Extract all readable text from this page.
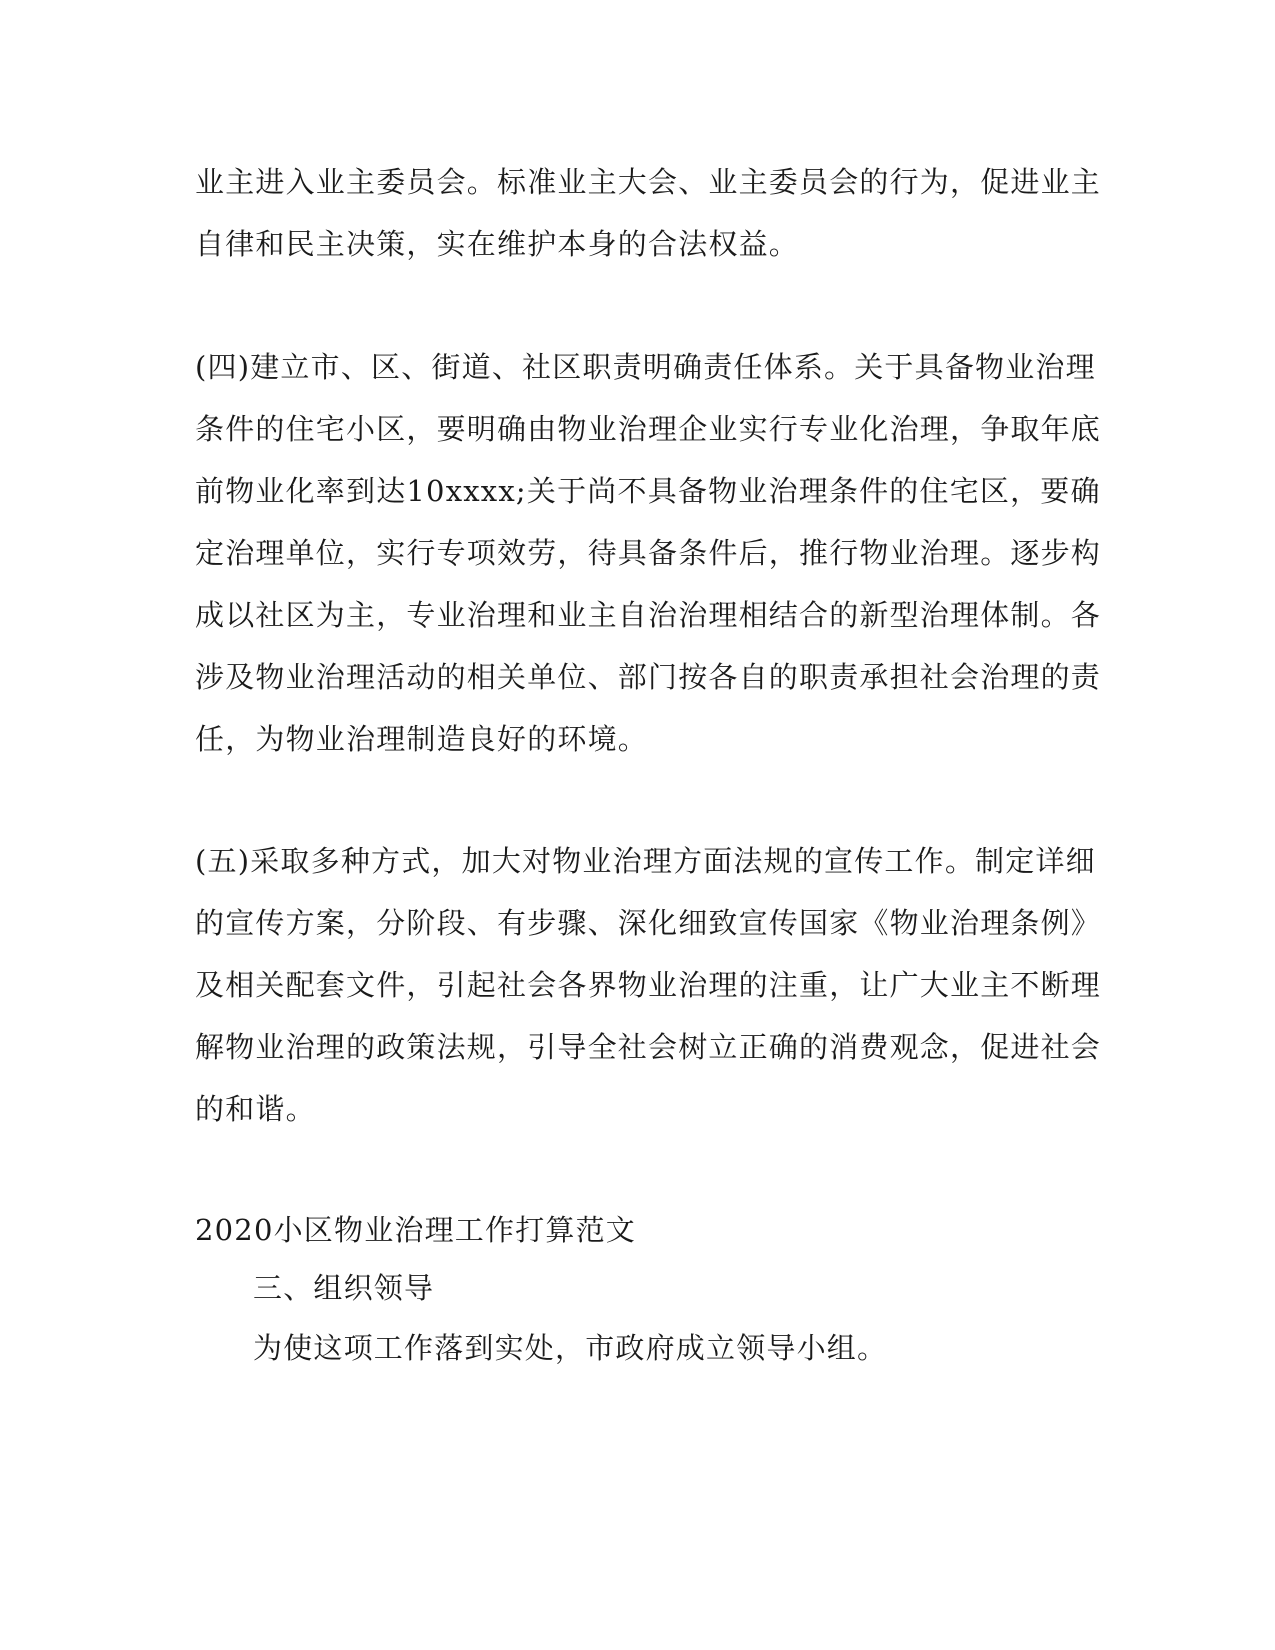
业主进入业主委员会。标准业主大会、业主委员会的行为，促进业主
自律和民主决策，实在维护本身的合法权益。
(四)建立市、区、街道、社区职责明确责任体系。关于具备物业治理
条件的住宅小区，要明确由物业治理企业实行专业化治理，争取年底
前物业化率到达10xxxx;关于尚不具备物业治理条件的住宅区，要确
定治理单位，实行专项效劳，待具备条件后，推行物业治理。逐步构
成以社区为主，专业治理和业主自治治理相结合的新型治理体制。各
涉及物业治理活动的相关单位、部门按各自的职责承担社会治理的责
任，为物业治理制造良好的环境。
(五)采取多种方式，加大对物业治理方面法规的宣传工作。制定详细
的宣传方案，分阶段、有步骤、深化细致宣传国家《物业治理条例》
及相关配套文件，引起社会各界物业治理的注重，让广大业主不断理
解物业治理的政策法规，引导全社会树立正确的消费观念，促进社会
的和谐。
2020小区物业治理工作打算范文
三、组织领导
为使这项工作落到实处，市政府成立领导小组。
